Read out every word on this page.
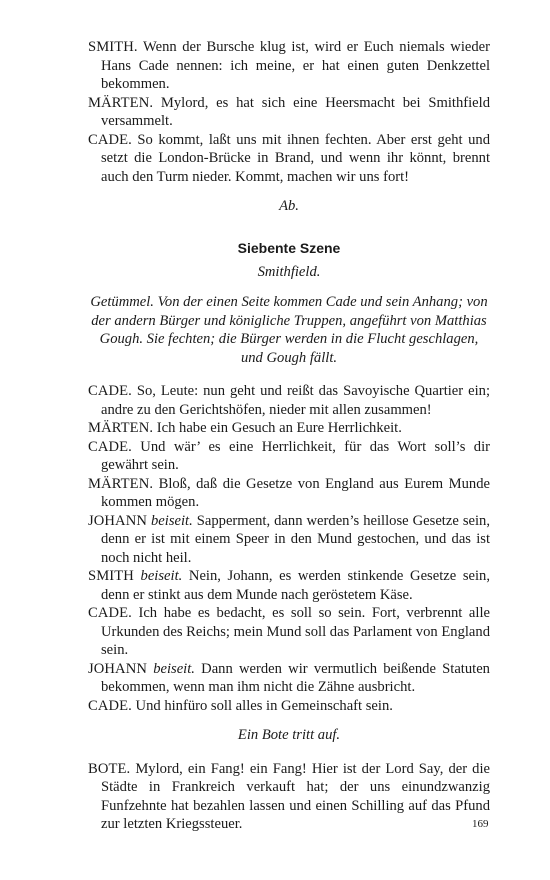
SMITH. Wenn der Bursche klug ist, wird er Euch niemals wieder Hans Cade nennen: ich meine, er hat einen guten Denkzettel bekommen.

MÄRTEN. Mylord, es hat sich eine Heersmacht bei Smithfield versammelt.

CADE. So kommt, laßt uns mit ihnen fechten. Aber erst geht und setzt die London-Brücke in Brand, und wenn ihr könnt, brennt auch den Turm nieder. Kommt, machen wir uns fort!

Ab.

Siebente Szene

Smithfield.

Getümmel. Von der einen Seite kommen Cade und sein Anhang; von der andern Bürger und königliche Truppen, angeführt von Matthias Gough. Sie fechten; die Bürger werden in die Flucht geschlagen, und Gough fällt.

CADE. So, Leute: nun geht und reißt das Savoyische Quartier ein; andre zu den Gerichtshöfen, nieder mit allen zusammen!

MÄRTEN. Ich habe ein Gesuch an Eure Herrlichkeit.

CADE. Und wär’ es eine Herrlichkeit, für das Wort soll’s dir gewährt sein.

MÄRTEN. Bloß, daß die Gesetze von England aus Eurem Munde kommen mögen.

JOHANN beiseit. Sapperment, dann werden’s heillose Gesetze sein, denn er ist mit einem Speer in den Mund gestochen, und das ist noch nicht heil.

SMITH beiseit. Nein, Johann, es werden stinkende Gesetze sein, denn er stinkt aus dem Munde nach geröstetem Käse.

CADE. Ich habe es bedacht, es soll so sein. Fort, verbrennt alle Urkunden des Reichs; mein Mund soll das Parlament von England sein.

JOHANN beiseit. Dann werden wir vermutlich beißende Statuten bekommen, wenn man ihm nicht die Zähne ausbricht.

CADE. Und hinfüro soll alles in Gemeinschaft sein.

Ein Bote tritt auf.

BOTE. Mylord, ein Fang! ein Fang! Hier ist der Lord Say, der die Städte in Frankreich verkauft hat; der uns einundzwanzig Funfzehnte hat bezahlen lassen und einen Schilling auf das Pfund zur letzten Kriegssteuer.	169
